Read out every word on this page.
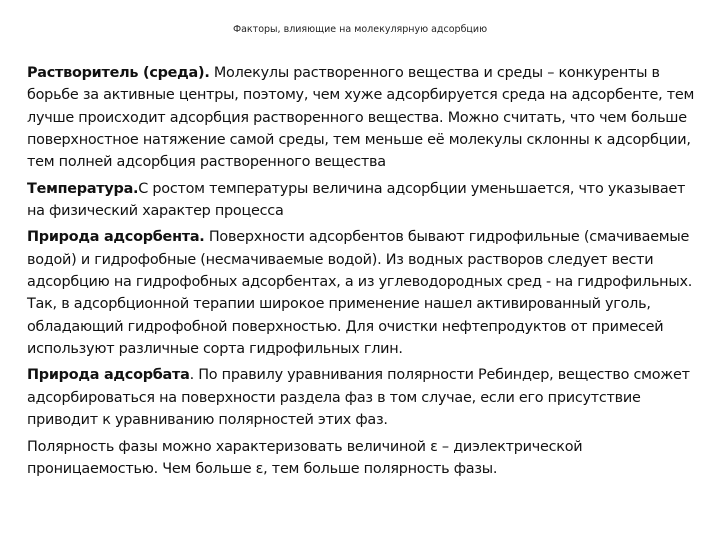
Факторы, влияющие на молекулярную адсорбцию

Растворитель (среда). Молекулы растворенного вещества и среды – конкуренты в борьбе за активные центры, поэтому, чем хуже адсорбируется среда на адсорбенте, тем лучше происходит адсорбция растворенного вещества. Можно считать, что чем больше поверхностное натяжение самой среды, тем меньше её молекулы склонны к адсорбции, тем полней адсорбция растворенного вещества

Температура.С ростом температуры величина адсорбции уменьшается, что указывает на физический характер процесса

Природа адсорбента. Поверхности адсорбентов бывают гидрофильные (смачиваемые водой) и гидрофобные (несмачиваемые водой). Из водных растворов следует вести адсорбцию на гидрофобных адсорбентах, а из углеводородных сред - на гидрофильных. Так, в адсорбционной терапии широкое применение нашел активированный уголь, обладающий гидрофобной поверхностью. Для очистки нефтепродуктов от примесей используют различные сорта гидрофильных глин.

Природа адсорбата. По правилу уравнивания полярности Ребиндер, вещество сможет адсорбироваться на поверхности раздела фаз в том случае, если его присутствие приводит к уравниванию полярностей этих фаз.

Полярность фазы можно характеризовать величиной ε – диэлектрической проницаемостью. Чем больше ε, тем больше полярность фазы.
